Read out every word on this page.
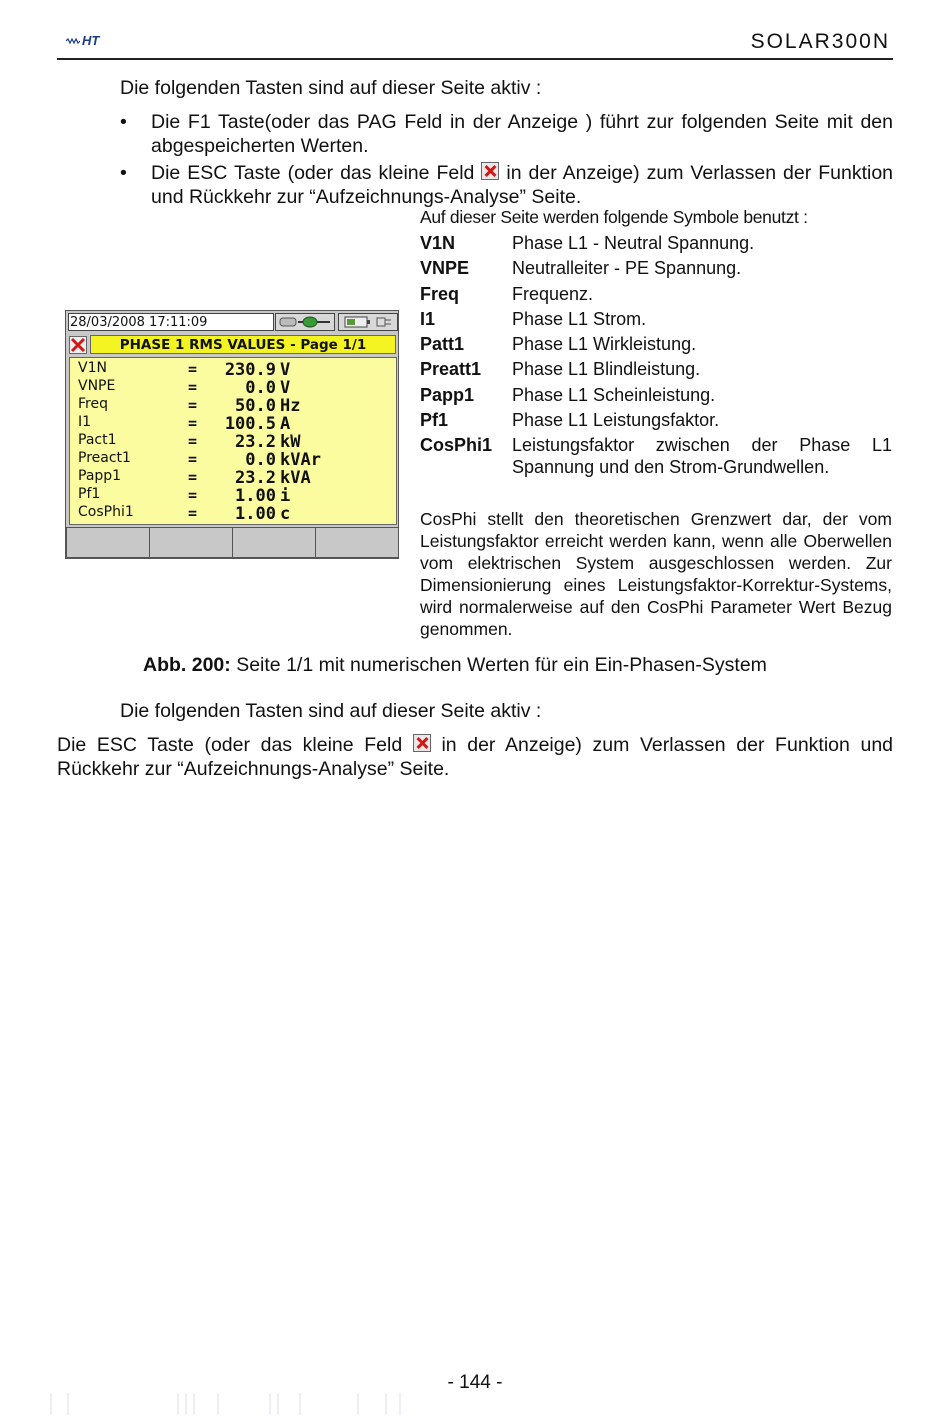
HT	SOLAR300N
Die folgenden Tasten sind auf dieser Seite aktiv :
• Die F1 Taste(oder das PAG Feld in der Anzeige ) führt zur folgenden Seite mit den abgespeicherten Werten.
• Die ESC Taste (oder das kleine Feld in der Anzeige) zum Verlassen der Funktion und Rückkehr zur “Aufzeichnungs-Analyse” Seite.
Auf dieser Seite werden folgende Symbole benutzt :
V1N	Phase L1 - Neutral Spannung.
VNPE	Neutralleiter - PE Spannung.
Freq	Frequenz.
I1	Phase L1 Strom.
Patt1	Phase L1 Wirkleistung.
Preatt1	Phase L1 Blindleistung.
Papp1	Phase L1 Scheinleistung.
Pf1	Phase L1 Leistungsfaktor.
CosPhi1	Leistungsfaktor zwischen der Phase L1 Spannung und den Strom-Grundwellen.
CosPhi stellt den theoretischen Grenzwert dar, der vom Leistungsfaktor erreicht werden kann, wenn alle Oberwellen vom elektrischen System ausgeschlossen werden. Zur Dimensionierung eines Leistungsfaktor-Korrektur-Systems, wird normalerweise auf den CosPhi Parameter Wert Bezug genommen.
28/03/2008 17:11:09
PHASE 1 RMS VALUES - Page 1/1
V1N	= 230.9 V
VNPE	=	0.0 V
Freq	= 50.0 Hz
I1	= 100.5 A
Pact1	= 23.2 kW
Preact1	=	0.0 kVAr
Papp1	= 23.2 kVA
Pf1	= 1.00 i
CosPhi1	= 1.00 c
Abb. 200: Seite 1/1 mit numerischen Werten für ein Ein-Phasen-System
Die folgenden Tasten sind auf dieser Seite aktiv :
Die ESC Taste (oder das kleine Feld in der Anzeige) zum Verlassen der Funktion und Rückkehr zur “Aufzeichnungs-Analyse” Seite.
- 144 -
